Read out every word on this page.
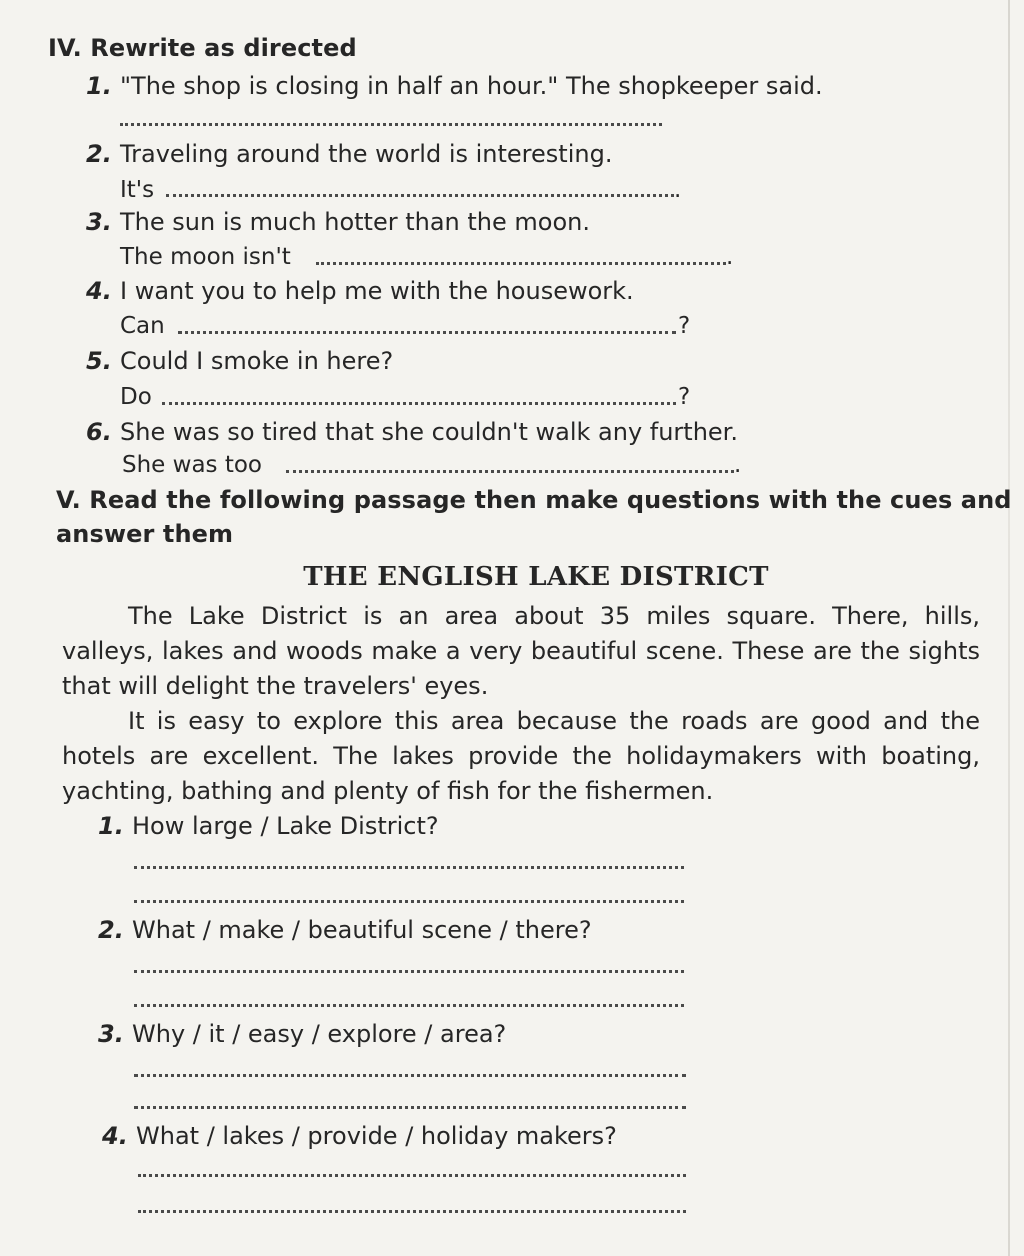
IV. Rewrite as directed
1. "The shop is closing in half an hour." The shopkeeper said.
2. Traveling around the world is interesting.
It's	.
3. The sun is much hotter than the moon.
The moon isn't	.
4. I want you to help me with the housework.
Can	?
5. Could I smoke in here?
Do	?
6. She was so tired that she couldn't walk any further.
She was too	.
V. Read the following passage then make questions with the cues and
answer them
THE ENGLISH LAKE DISTRICT
The Lake District is an area about 35 miles square. There, hills, valleys, lakes and woods make a very beautiful scene. These are the sights that will delight the travelers' eyes.
It is easy to explore this area because the roads are good and the hotels are excellent. The lakes provide the holidaymakers with boating, yachting, bathing and plenty of fish for the fishermen.
1. How large / Lake District?
2. What / make / beautiful scene / there?
3. Why / it / easy / explore / area?
4. What / lakes / provide / holiday makers?
